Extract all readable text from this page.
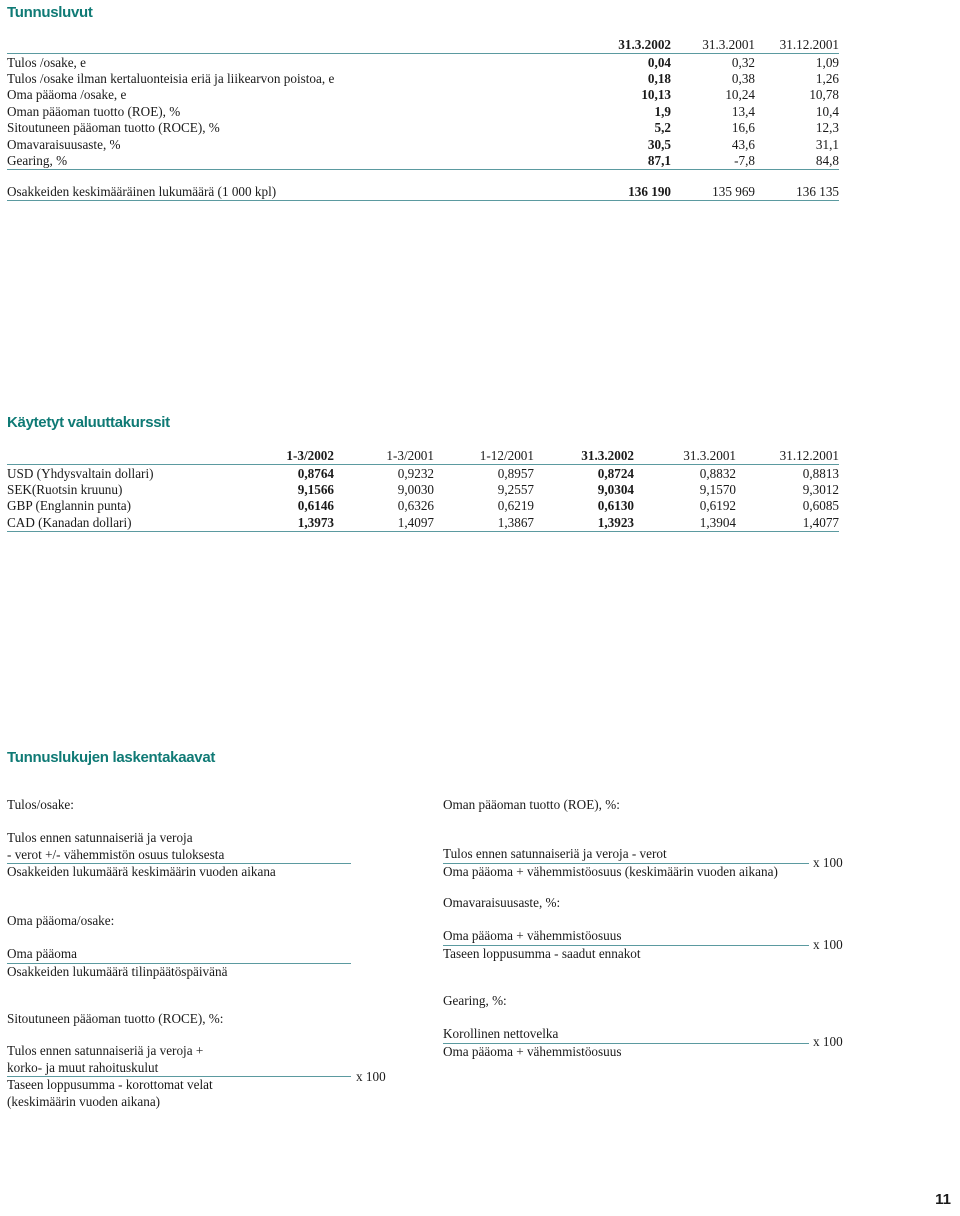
Tunnusluvut
	31.3.2002	31.3.2001	31.12.2001
Tulos /osake, e	0,04	0,32	1,09
Tulos /osake ilman kertaluonteisia eriä ja liikearvon poistoa, e	0,18	0,38	1,26
Oma pääoma /osake, e	10,13	10,24	10,78
Oman pääoman tuotto (ROE), %	1,9	13,4	10,4
Sitoutuneen pääoman tuotto (ROCE), %	5,2	16,6	12,3
Omavaraisuusaste, %	30,5	43,6	31,1
Gearing, %	87,1	-7,8	84,8
Osakkeiden keskimääräinen lukumäärä (1 000 kpl)	136 190	135 969	136 135
Käytetyt valuuttakurssit
	1-3/2002	1-3/2001	1-12/2001	31.3.2002	31.3.2001	31.12.2001
USD (Yhdysvaltain dollari)	0,8764	0,9232	0,8957	0,8724	0,8832	0,8813
SEK(Ruotsin kruunu)	9,1566	9,0030	9,2557	9,0304	9,1570	9,3012
GBP (Englannin punta)	0,6146	0,6326	0,6219	0,6130	0,6192	0,6085
CAD (Kanadan dollari)	1,3973	1,4097	1,3867	1,3923	1,3904	1,4077
Tunnuslukujen laskentakaavat
Tulos/osake:
Tulos ennen satunnaiseriä ja veroja
- verot +/- vähemmistön osuus tuloksesta
Osakkeiden lukumäärä keskimäärin vuoden aikana
Oma pääoma/osake:
Oma pääoma
Osakkeiden lukumäärä tilinpäätöspäivänä
Sitoutuneen pääoman tuotto (ROCE), %:
Tulos ennen satunnaiseriä ja veroja +
korko- ja muut rahoituskulut
Taseen loppusumma - korottomat velat
(keskimäärin vuoden aikana)
x 100
Oman pääoman tuotto (ROE), %:
Tulos ennen satunnaiseriä ja veroja - verot
Oma pääoma + vähemmistöosuus (keskimäärin vuoden aikana)
x 100
Omavaraisuusaste, %:
Oma pääoma + vähemmistöosuus
Taseen loppusumma - saadut ennakot
x 100
Gearing, %:
Korollinen nettovelka
Oma pääoma + vähemmistöosuus
x 100
11
